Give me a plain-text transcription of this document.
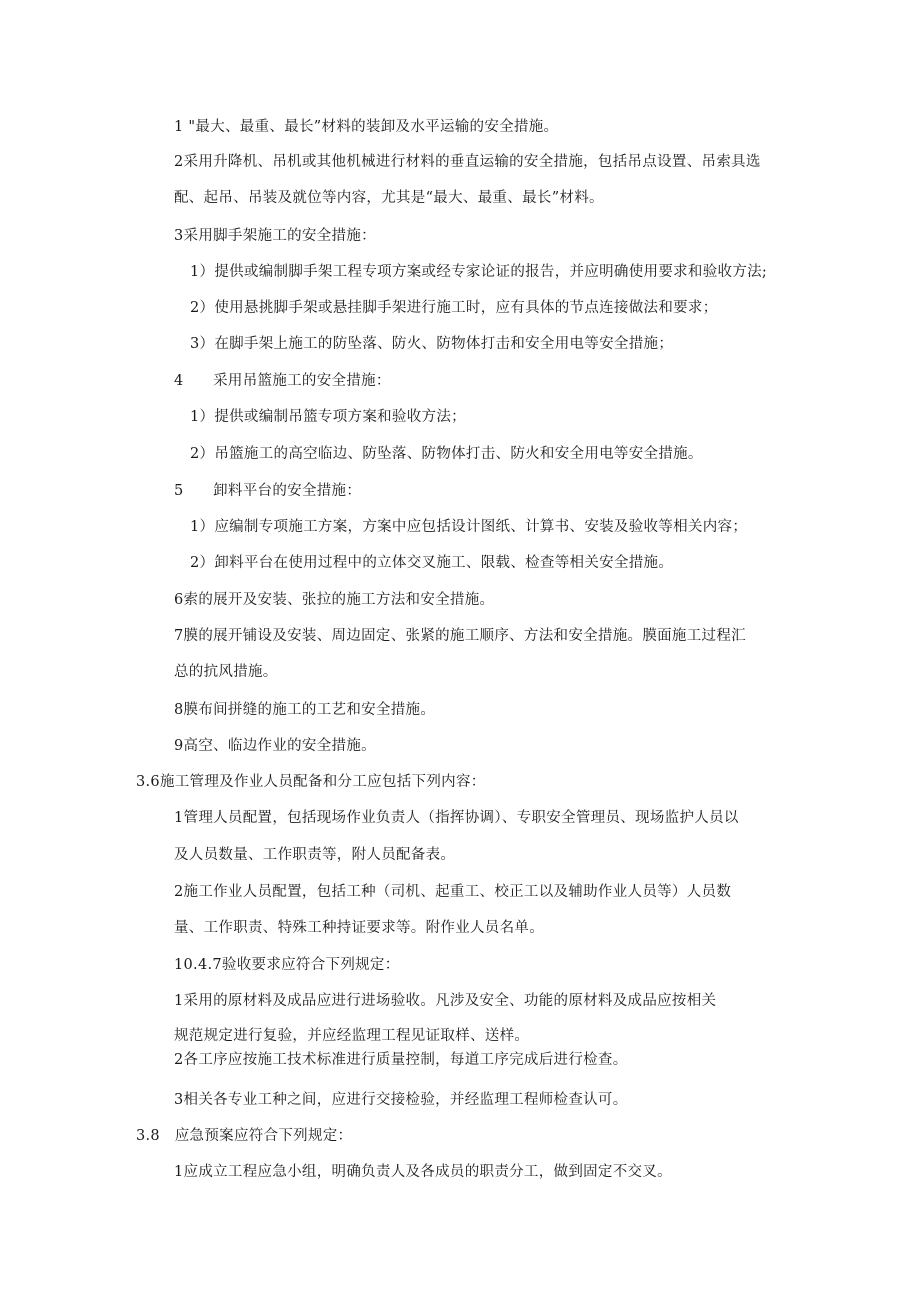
1 "最大、最重、最长”材料的装卸及水平运输的安全措施。
2采用升降机、吊机或其他机械进行材料的垂直运输的安全措施，包括吊点设置、吊索具选
配、起吊、吊装及就位等内容，尤其是“最大、最重、最长”材料。
3采用脚手架施工的安全措施：
1）提供或编制脚手架工程专项方案或经专家论证的报告，并应明确使用要求和验收方法;
2）使用悬挑脚手架或悬挂脚手架进行施工时，应有具体的节点连接做法和要求；
3）在脚手架上施工的防坠落、防火、防物体打击和安全用电等安全措施；
4　　采用吊篮施工的安全措施：
1）提供或编制吊篮专项方案和验收方法；
2）吊篮施工的高空临边、防坠落、防物体打击、防火和安全用电等安全措施。
5　　卸料平台的安全措施：
1）应编制专项施工方案，方案中应包括设计图纸、计算书、安装及验收等相关内容；
2）卸料平台在使用过程中的立体交叉施工、限载、检查等相关安全措施。
6索的展开及安装、张拉的施工方法和安全措施。
7膜的展开铺设及安装、周边固定、张紧的施工顺序、方法和安全措施。膜面施工过程汇
总的抗风措施。
8膜布间拼缝的施工的工艺和安全措施。
9高空、临边作业的安全措施。
3.6施工管理及作业人员配备和分工应包括下列内容：
1管理人员配置，包括现场作业负责人（指挥协调）、专职安全管理员、现场监护人员以
及人员数量、工作职责等，附人员配备表。
2施工作业人员配置，包括工种（司机、起重工、校正工以及辅助作业人员等）人员数
量、工作职责、特殊工种持证要求等。附作业人员名单。
10.4.7验收要求应符合下列规定：
1采用的原材料及成品应进行进场验收。凡涉及安全、功能的原材料及成品应按相关
规范规定进行复验，并应经监理工程见证取样、送样。
2各工序应按施工技术标准进行质量控制，每道工序完成后进行检查。
3相关各专业工种之间，应进行交接检验，并经监理工程师检查认可。
3.8　应急预案应符合下列规定：
1应成立工程应急小组，明确负责人及各成员的职责分工，做到固定不交叉。
